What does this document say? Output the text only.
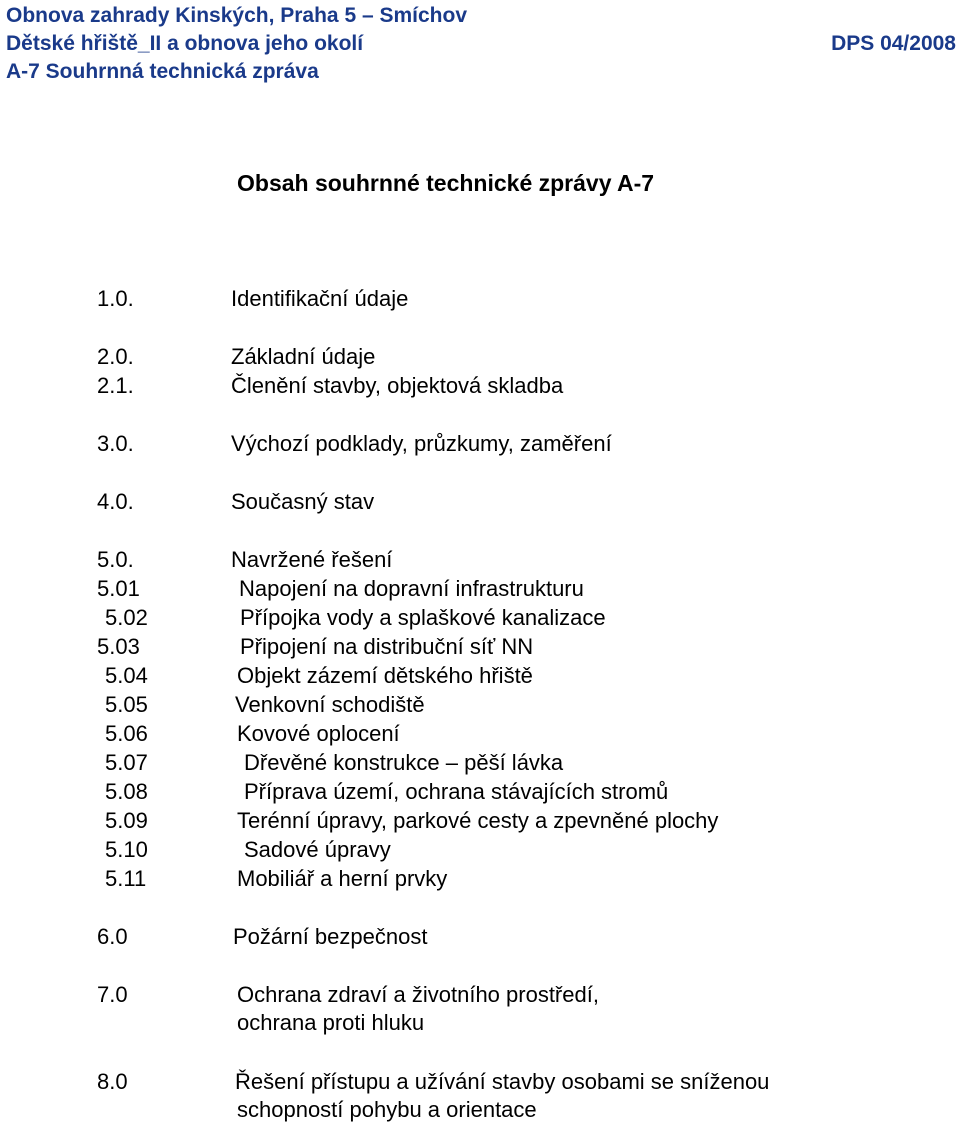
Obnova zahrady Kinských, Praha 5 – Smíchov
Dětské hřiště_II a obnova jeho okolí	DPS 04/2008
A-7 Souhrnná technická zpráva
Obsah souhrnné technické zprávy A-7
1.0.	Identifikační údaje
2.0.	Základní údaje
2.1.	Členění stavby, objektová skladba
3.0.	Výchozí podklady, průzkumy, zaměření
4.0.	Současný stav
5.0.	Navržené řešení
5.01	Napojení na dopravní infrastrukturu
5.02	Přípojka vody a splaškové kanalizace
5.03	Připojení na distribuční síť NN
5.04	Objekt zázemí dětského hřiště
5.05	Venkovní schodiště
5.06	Kovové oplocení
5.07	Dřevěné konstrukce – pěší lávka
5.08	Příprava území, ochrana stávajících stromů
5.09	Terénní úpravy, parkové cesty a zpevněné plochy
5.10	Sadové úpravy
5.11	Mobiliář a herní prvky
6.0	Požární bezpečnost
7.0	Ochrana zdraví a životního prostředí,
ochrana proti hluku
8.0	Řešení přístupu a užívání stavby osobami se sníženou
schopností pohybu a orientace
